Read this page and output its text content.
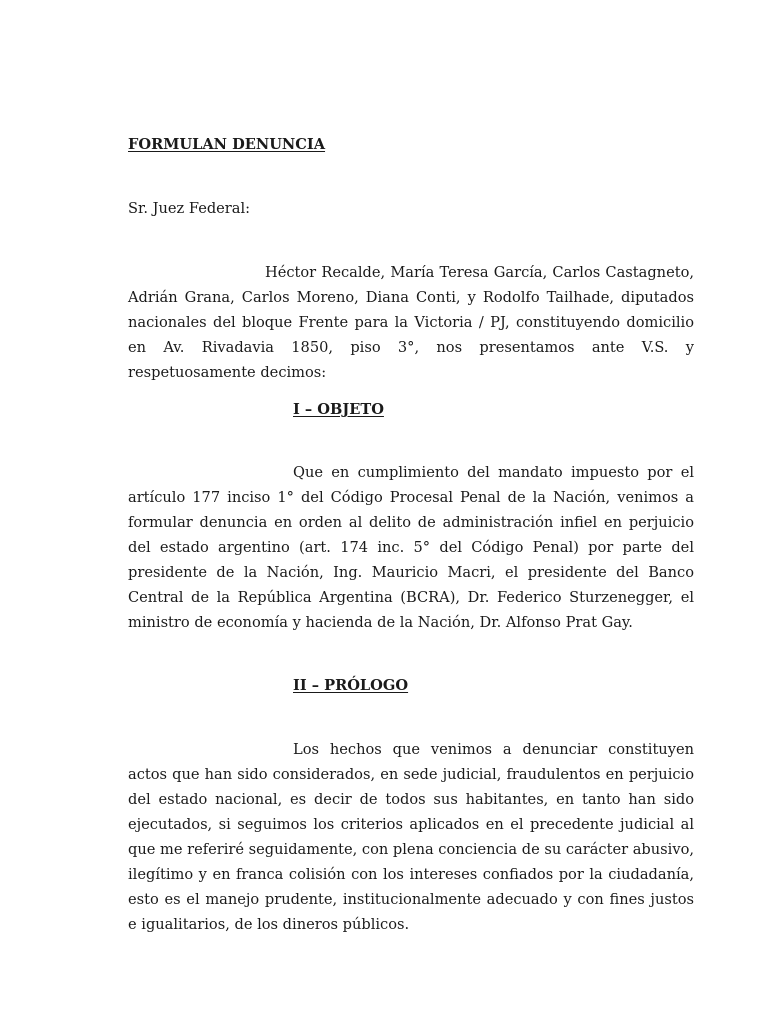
FORMULAN DENUNCIA

Sr. Juez Federal:

Héctor Recalde, María Teresa García, Carlos Castagneto, Adrián Grana, Carlos Moreno, Diana Conti, y Rodolfo Tailhade, diputados nacionales del bloque Frente para la Victoria / PJ, constituyendo domicilio en Av. Rivadavia 1850, piso 3°, nos presentamos ante V.S. y respetuosamente decimos:

I – OBJETO

Que en cumplimiento del mandato impuesto por el artículo 177 inciso 1° del Código Procesal Penal de la Nación, venimos a formular denuncia en orden al delito de administración infiel en perjuicio del estado argentino (art. 174 inc. 5° del Código Penal) por parte del presidente de la Nación, Ing. Mauricio Macri, el presidente del Banco Central de la República Argentina (BCRA), Dr. Federico Sturzenegger, el ministro de economía y hacienda de la Nación, Dr. Alfonso Prat Gay.

II – PRÓLOGO

Los hechos que venimos a denunciar constituyen actos que han sido considerados, en sede judicial, fraudulentos en perjuicio del estado nacional, es decir de todos sus habitantes, en tanto han sido ejecutados, si seguimos los criterios aplicados en el precedente judicial al que me referiré seguidamente, con plena conciencia de su carácter abusivo, ilegítimo y en franca colisión con los intereses confiados por la ciudadanía, esto es el manejo prudente, institucionalmente adecuado y con fines justos e igualitarios, de los dineros públicos.
